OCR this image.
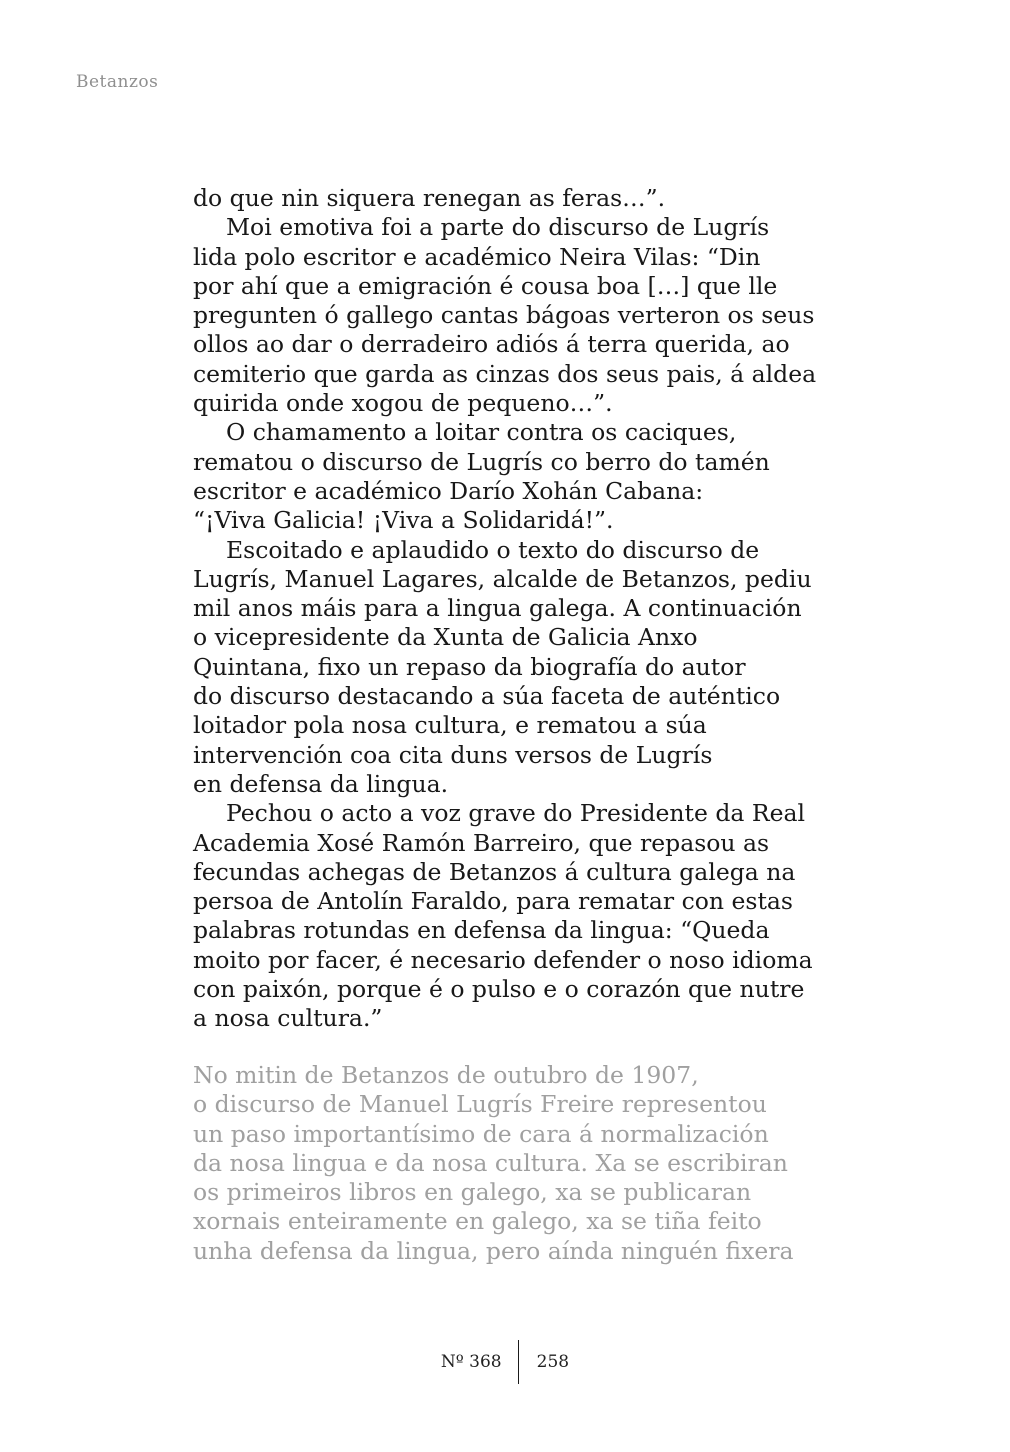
Betanzos
do que nin siquera renegan as feras…”.
Moi emotiva foi a parte do discurso de Lugrís
lida polo escritor e académico Neira Vilas: “Din
por ahí que a emigración é cousa boa […] que lle
pregunten ó gallego cantas bágoas verteron os seus
ollos ao dar o derradeiro adiós á terra querida, ao
cemiterio que garda as cinzas dos seus pais, á aldea
quirida onde xogou de pequeno…”.
O chamamento a loitar contra os caciques,
rematou o discurso de Lugrís co berro do tamén
escritor e académico Darío Xohán Cabana:
“¡Viva Galicia! ¡Viva a Solidaridá!”.
Escoitado e aplaudido o texto do discurso de
Lugrís, Manuel Lagares, alcalde de Betanzos, pediu
mil anos máis para a lingua galega. A continuación
o vicepresidente da Xunta de Galicia Anxo
Quintana, fixo un repaso da biografía do autor
do discurso destacando a súa faceta de auténtico
loitador pola nosa cultura, e rematou a súa
intervención coa cita duns versos de Lugrís
en defensa da lingua.
Pechou o acto a voz grave do Presidente da Real
Academia Xosé Ramón Barreiro, que repasou as
fecundas achegas de Betanzos á cultura galega na
persoa de Antolín Faraldo, para rematar con estas
palabras rotundas en defensa da lingua: “Queda
moito por facer, é necesario defender o noso idioma
con paixón, porque é o pulso e o corazón que nutre
a nosa cultura.”
No mitin de Betanzos de outubro de 1907,
o discurso de Manuel Lugrís Freire representou
un paso importantísimo de cara á normalización
da nosa lingua e da nosa cultura. Xa se escribiran
os primeiros libros en galego, xa se publicaran
xornais enteiramente en galego, xa se tiña feito
unha defensa da lingua, pero aínda ninguén fixera
Nº 368 258
